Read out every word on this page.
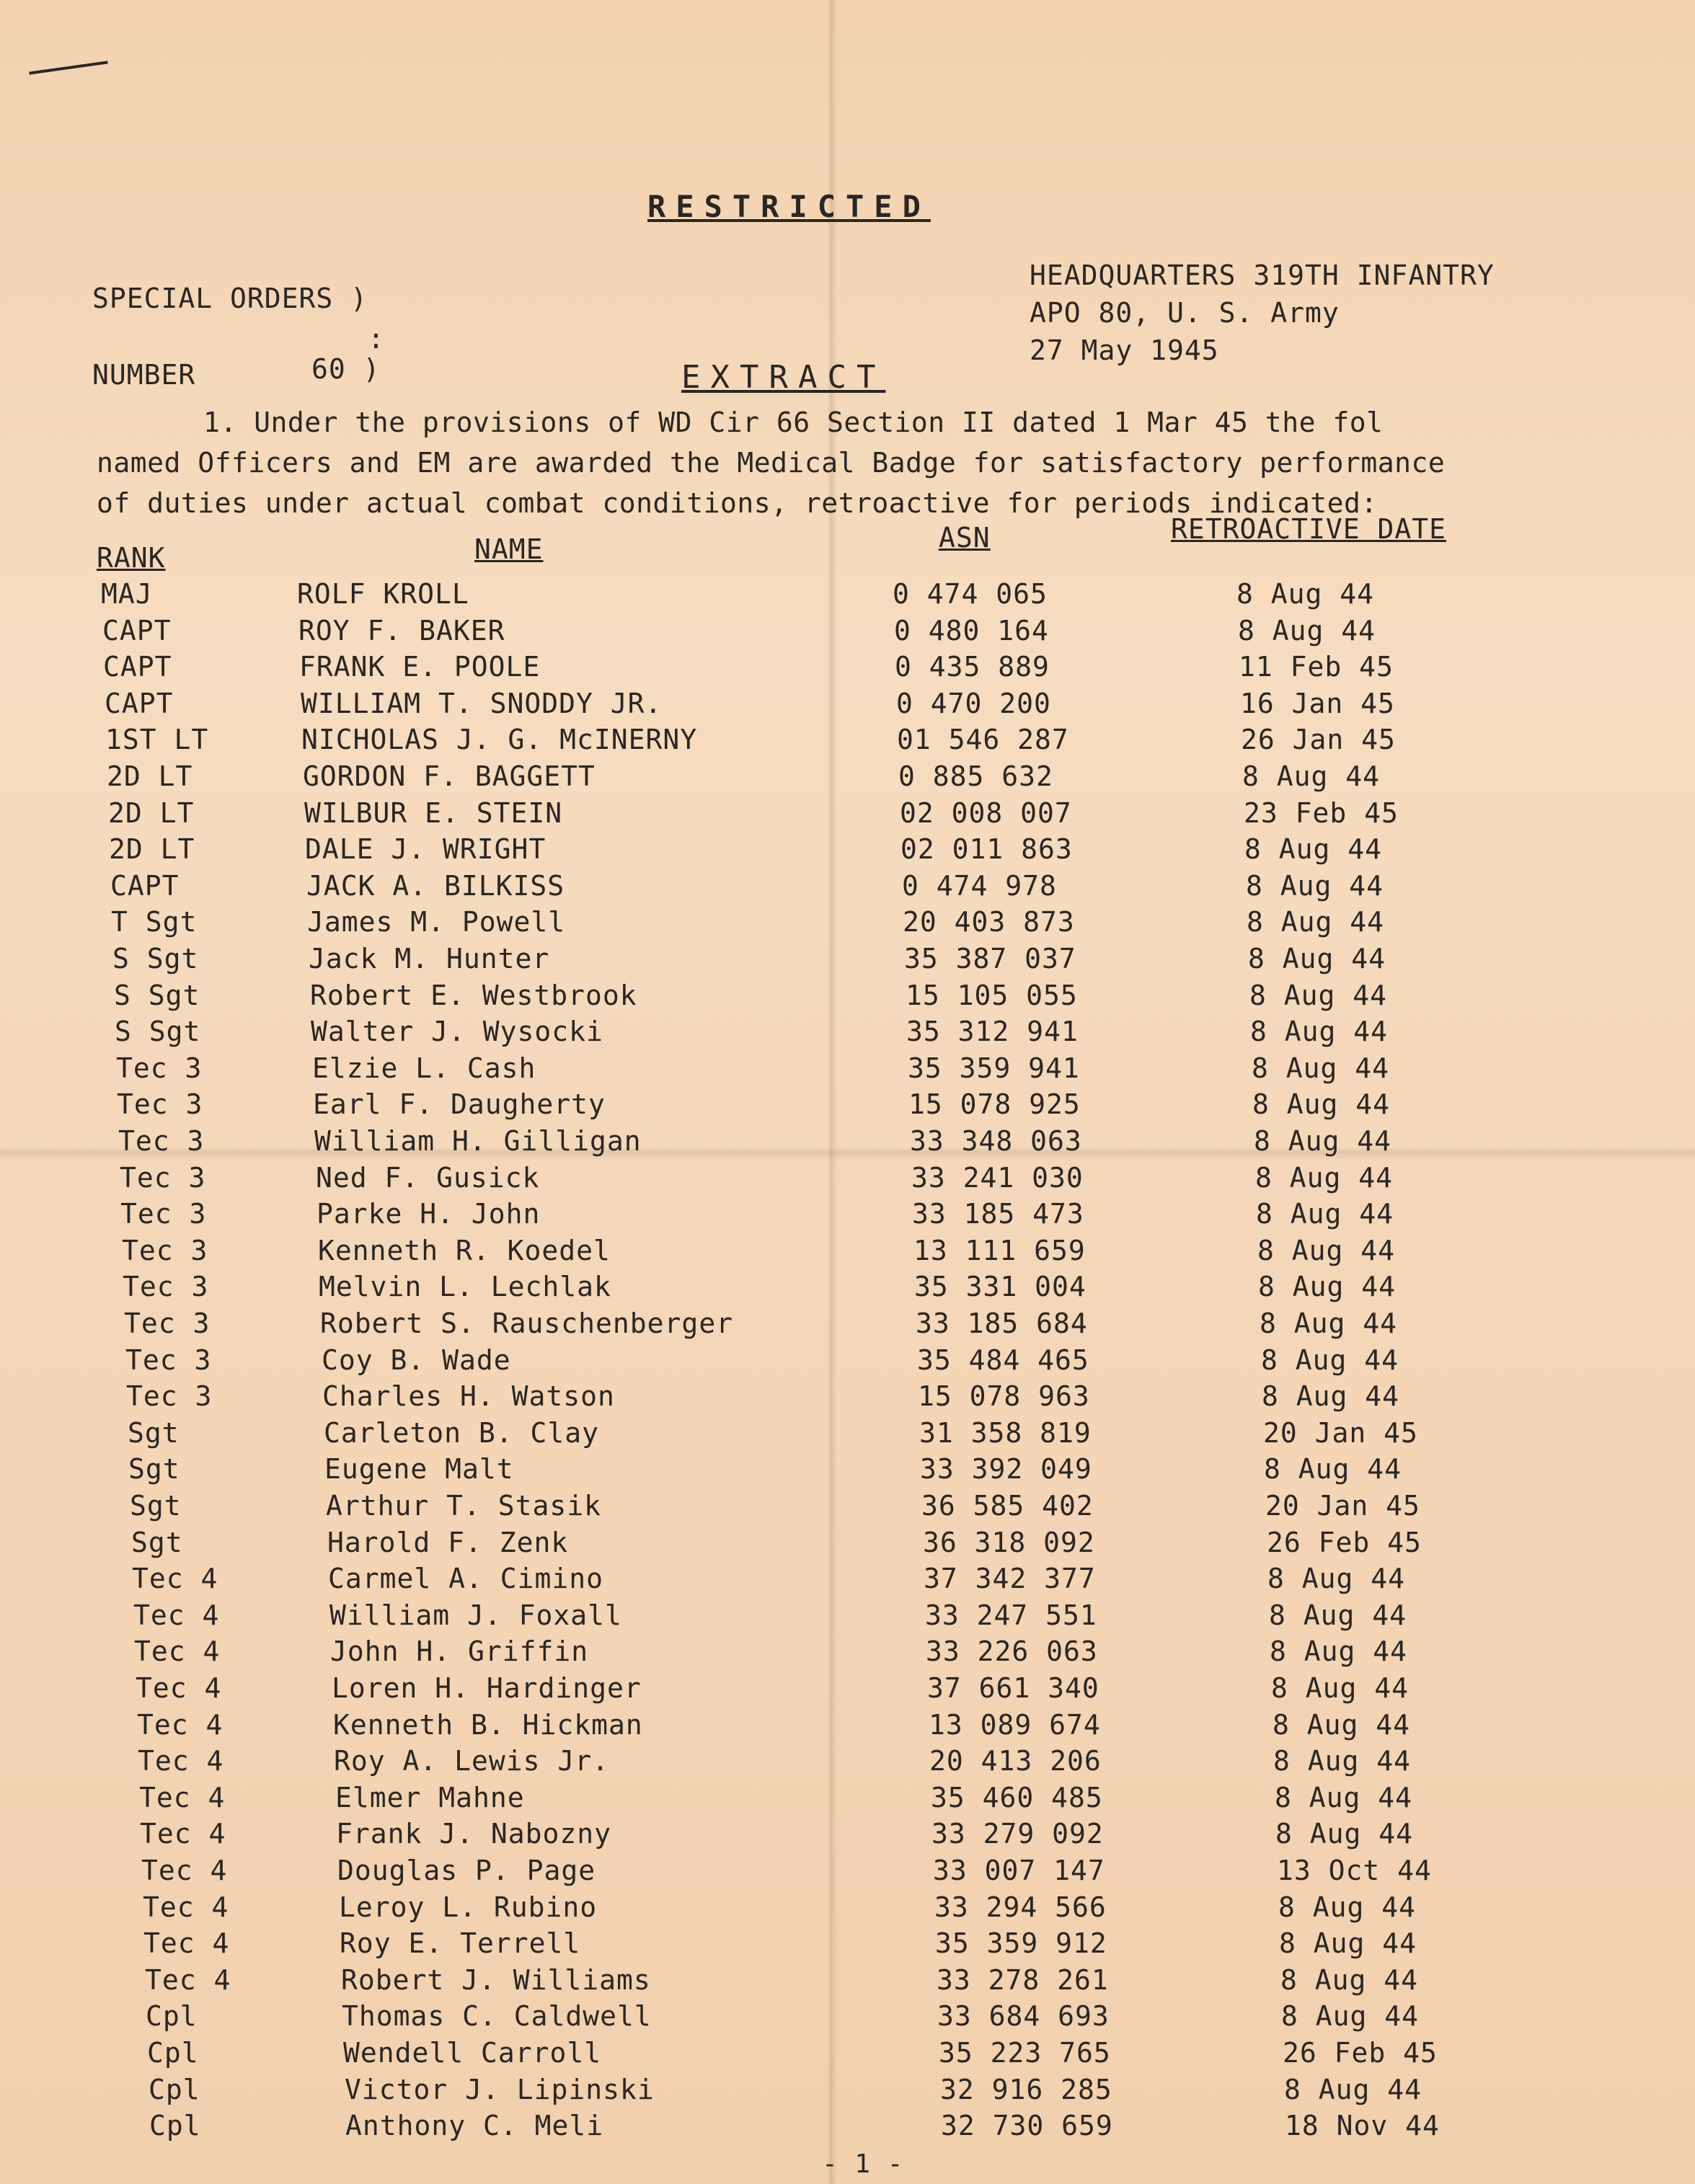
RESTRICTED
SPECIAL ORDERS )
:
NUMBER	60 )
HEADQUARTERS 319TH INFANTRY
APO 80, U. S. Army
27 May 1945
EXTRACT
1. Under the provisions of WD Cir 66 Section II dated 1 Mar 45 the fol
named Officers and EM are awarded the Medical Badge for satisfactory performance
of duties under actual combat conditions, retroactive for periods indicated:
RANK	NAME	ASN	RETROACTIVE DATE
MAJ	ROLF KROLL	0 474 065	8 Aug 44
CAPT	ROY F. BAKER	0 480 164	8 Aug 44
CAPT	FRANK E. POOLE	0 435 889	11 Feb 45
CAPT	WILLIAM T. SNODDY JR.	0 470 200	16 Jan 45
1ST LT	NICHOLAS J. G. McINERNY	01 546 287	26 Jan 45
2D LT	GORDON F. BAGGETT	0 885 632	8 Aug 44
2D LT	WILBUR E. STEIN	02 008 007	23 Feb 45
2D LT	DALE J. WRIGHT	02 011 863	8 Aug 44
CAPT	JACK A. BILKISS	0 474 978	8 Aug 44
T Sgt	James M. Powell	20 403 873	8 Aug 44
S Sgt	Jack M. Hunter	35 387 037	8 Aug 44
S Sgt	Robert E. Westbrook	15 105 055	8 Aug 44
S Sgt	Walter J. Wysocki	35 312 941	8 Aug 44
Tec 3	Elzie L. Cash	35 359 941	8 Aug 44
Tec 3	Earl F. Daugherty	15 078 925	8 Aug 44
Tec 3	William H. Gilligan	33 348 063	8 Aug 44
Tec 3	Ned F. Gusick	33 241 030	8 Aug 44
Tec 3	Parke H. John	33 185 473	8 Aug 44
Tec 3	Kenneth R. Koedel	13 111 659	8 Aug 44
Tec 3	Melvin L. Lechlak	35 331 004	8 Aug 44
Tec 3	Robert S. Rauschenberger	33 185 684	8 Aug 44
Tec 3	Coy B. Wade	35 484 465	8 Aug 44
Tec 3	Charles H. Watson	15 078 963	8 Aug 44
Sgt	Carleton B. Clay	31 358 819	20 Jan 45
Sgt	Eugene Malt	33 392 049	8 Aug 44
Sgt	Arthur T. Stasik	36 585 402	20 Jan 45
Sgt	Harold F. Zenk	36 318 092	26 Feb 45
Tec 4	Carmel A. Cimino	37 342 377	8 Aug 44
Tec 4	William J. Foxall	33 247 551	8 Aug 44
Tec 4	John H. Griffin	33 226 063	8 Aug 44
Tec 4	Loren H. Hardinger	37 661 340	8 Aug 44
Tec 4	Kenneth B. Hickman	13 089 674	8 Aug 44
Tec 4	Roy A. Lewis Jr.	20 413 206	8 Aug 44
Tec 4	Elmer Mahne	35 460 485	8 Aug 44
Tec 4	Frank J. Nabozny	33 279 092	8 Aug 44
Tec 4	Douglas P. Page	33 007 147	13 Oct 44
Tec 4	Leroy L. Rubino	33 294 566	8 Aug 44
Tec 4	Roy E. Terrell	35 359 912	8 Aug 44
Tec 4	Robert J. Williams	33 278 261	8 Aug 44
Cpl	Thomas C. Caldwell	33 684 693	8 Aug 44
Cpl	Wendell Carroll	35 223 765	26 Feb 45
Cpl	Victor J. Lipinski	32 916 285	8 Aug 44
Cpl	Anthony C. Meli	32 730 659	18 Nov 44
- 1 -
